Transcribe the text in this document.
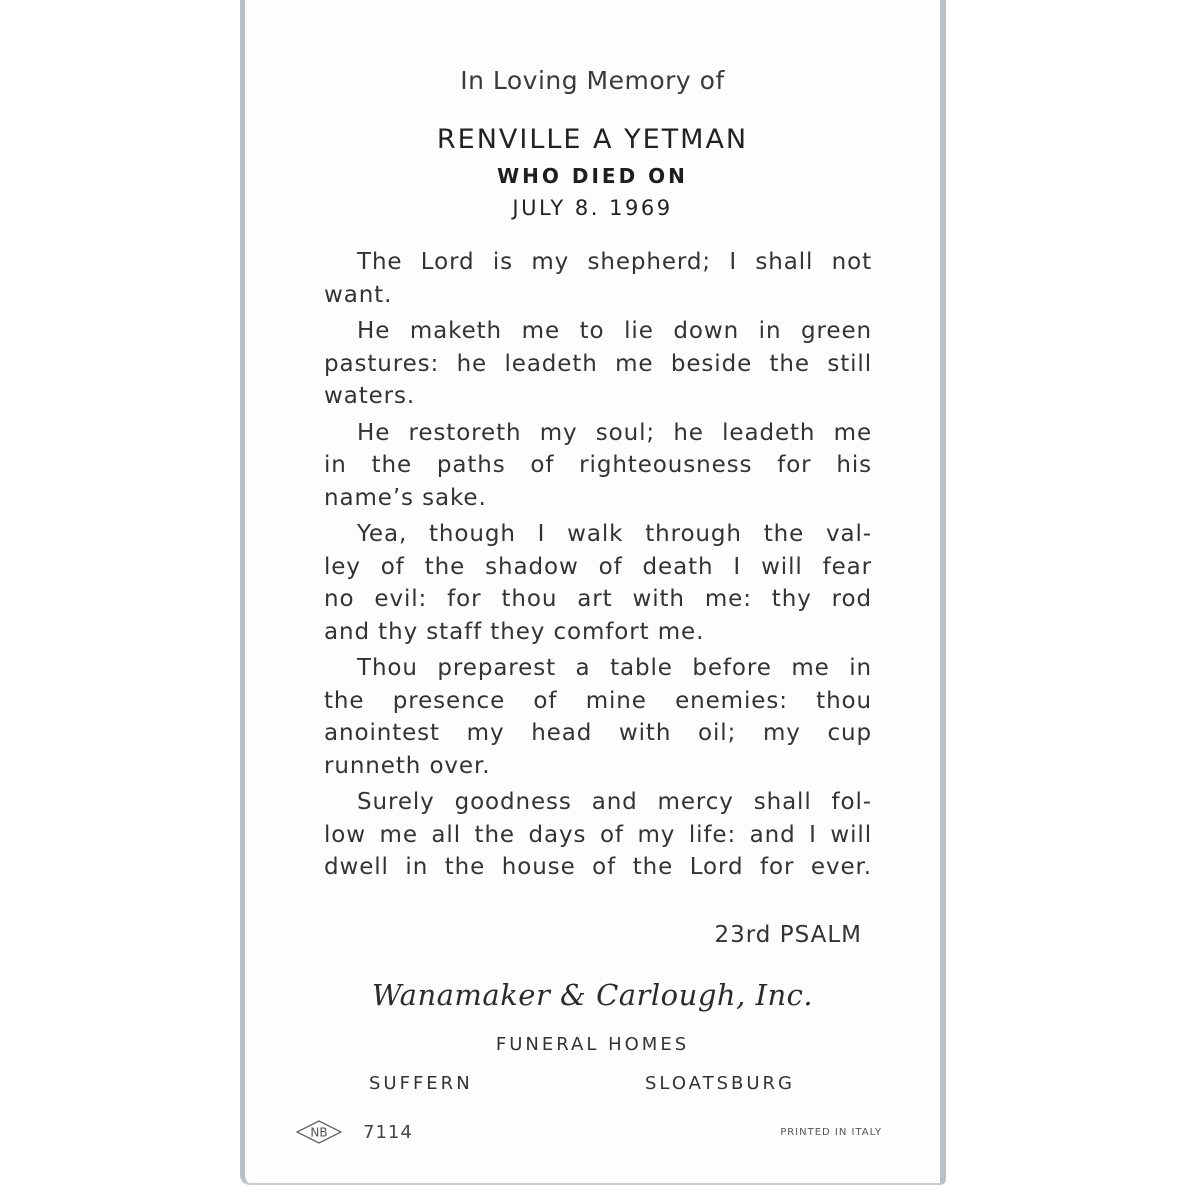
In Loving Memory of
RENVILLE A YETMAN
WHO DIED ON
JULY 8. 1969

The Lord is my shepherd; I shall not
want.

He maketh me to lie down in green
pastures: he leadeth me beside the still
waters.

He restoreth my soul; he leadeth me
in the paths of righteousness for his
name’s sake.

Yea, though I walk through the val-
ley of the shadow of death I will fear
no evil: for thou art with me: thy rod
and thy staff they comfort me.

Thou preparest a table before me in
the presence of mine enemies: thou
anointest my head with oil; my cup
runneth over.

Surely goodness and mercy shall fol-
low me all the days of my life: and I will
dwell in the house of the Lord for ever.

23rd PSALM
Wanamaker & Carlough, Inc.
FUNERAL HOMES
SUFFERN	SLOATSBURG
NB 7114	PRINTED IN ITALY
